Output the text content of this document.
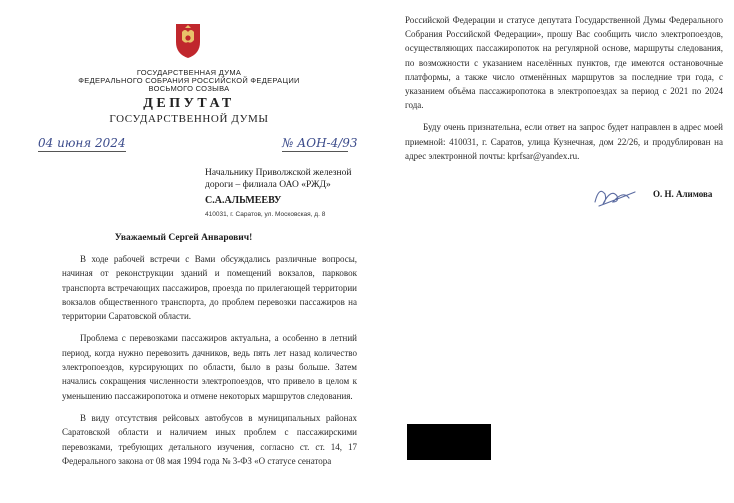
ГОСУДАРСТВЕННАЯ ДУМА
ФЕДЕРАЛЬНОГО СОБРАНИЯ РОССИЙСКОЙ ФЕДЕРАЦИИ
ВОСЬМОГО СОЗЫВА
ДЕПУТАТ
ГОСУДАРСТВЕННОЙ ДУМЫ
04 июня 2024	№ АОН-4/93
Начальнику Приволжской железной дороги – филиала ОАО «РЖД»
С.А.АЛЬМЕЕВУ
410031, г. Саратов, ул. Московская, д. 8
Уважаемый Сергей Анварович!

В ходе рабочей встречи с Вами обсуждались различные вопросы, начиная от реконструкции зданий и помещений вокзалов, парковок транспорта встречающих пассажиров, проезда по прилегающей территории вокзалов общественного транспорта, до проблем перевозки пассажиров на территории Саратовской области.

Проблема с перевозками пассажиров актуальна, а особенно в летний период, когда нужно перевозить дачников, ведь пять лет назад количество электропоездов, курсирующих по области, было в разы больше. Затем начались сокращения численности электропоездов, что привело в целом к уменьшению пассажиропотока и отмене некоторых маршрутов следования.

В виду отсутствия рейсовых автобусов в муниципальных районах Саратовской области и наличием иных проблем с пассажирскими перевозками, требующих детального изучения, согласно ст. ст. 14, 17 Федерального закона от 08 мая 1994 года № 3-ФЗ «О статусе сенатора

Российской Федерации и статусе депутата Государственной Думы Федерального Собрания Российской Федерации», прошу Вас сообщить число электропоездов, осуществляющих пассажиропоток на регулярной основе, маршруты следования, по возможности с указанием населённых пунктов, где имеются остановочные платформы, а также число отменённых маршрутов за последние три года, с указанием объёма пассажиропотока в электропоездах за период с 2021 по 2024 года.

Буду очень признательна, если ответ на запрос будет направлен в адрес моей приемной: 410031, г. Саратов, улица Кузнечная, дом 22/26, и продублирован на адрес электронной почты: kprfsar@yandex.ru.

О. Н. Алимова
